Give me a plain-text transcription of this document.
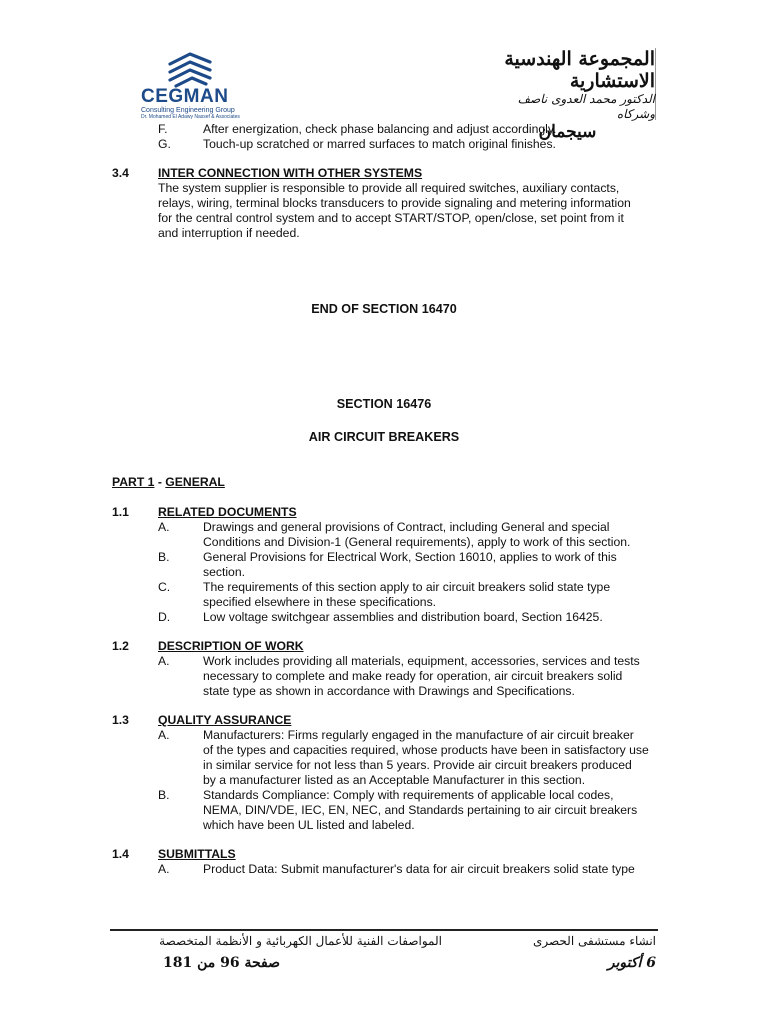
CEGMAN
Consulting Engineering Group
Dr. Mohamed El Adawy Nassef & Associates
المجموعة الهندسية الاستشارية
الدكتور محمد العدوى ناصف وشركاه
سيجمان
F.	After energization, check phase balancing and adjust accordingly.
G.	Touch-up scratched or marred surfaces to match original finishes.
3.4 INTER CONNECTION WITH OTHER SYSTEMS
The system supplier is responsible to provide all required switches, auxiliary contacts,
relays, wiring, terminal blocks transducers to provide signaling and metering information
for the central control system and to accept START/STOP, open/close, set point from it
and interruption if needed.
END OF SECTION 16470
SECTION 16476
AIR CIRCUIT BREAKERS
PART 1 - GENERAL
1.1 RELATED DOCUMENTS
A.	Drawings and general provisions of Contract, including General and special
Conditions and Division-1 (General requirements), apply to work of this section.
B.	General Provisions for Electrical Work, Section 16010, applies to work of this
section.
C.	The requirements of this section apply to air circuit breakers solid state type
specified elsewhere in these specifications.
D.	Low voltage switchgear assemblies and distribution board, Section 16425.
1.2 DESCRIPTION OF WORK
A.	Work includes providing all materials, equipment, accessories, services and tests
necessary to complete and make ready for operation, air circuit breakers solid
state type as shown in accordance with Drawings and Specifications.
1.3 QUALITY ASSURANCE
A.	Manufacturers: Firms regularly engaged in the manufacture of air circuit breaker
of the types and capacities required, whose products have been in satisfactory use
in similar service for not less than 5 years. Provide air circuit breakers produced
by a manufacturer listed as an Acceptable Manufacturer in this section.
B.	Standards Compliance: Comply with requirements of applicable local codes,
NEMA, DIN/VDE, IEC, EN, NEC, and Standards pertaining to air circuit breakers
which have been UL listed and labeled.
1.4 SUBMITTALS
A.	Product Data: Submit manufacturer's data for air circuit breakers solid state type
انشاء مستشفى الحصرى
المواصفات الفنية للأعمال الكهربائية و الأنظمة المتخصصة
6 أكتوبر
صفحة 96 من 181
